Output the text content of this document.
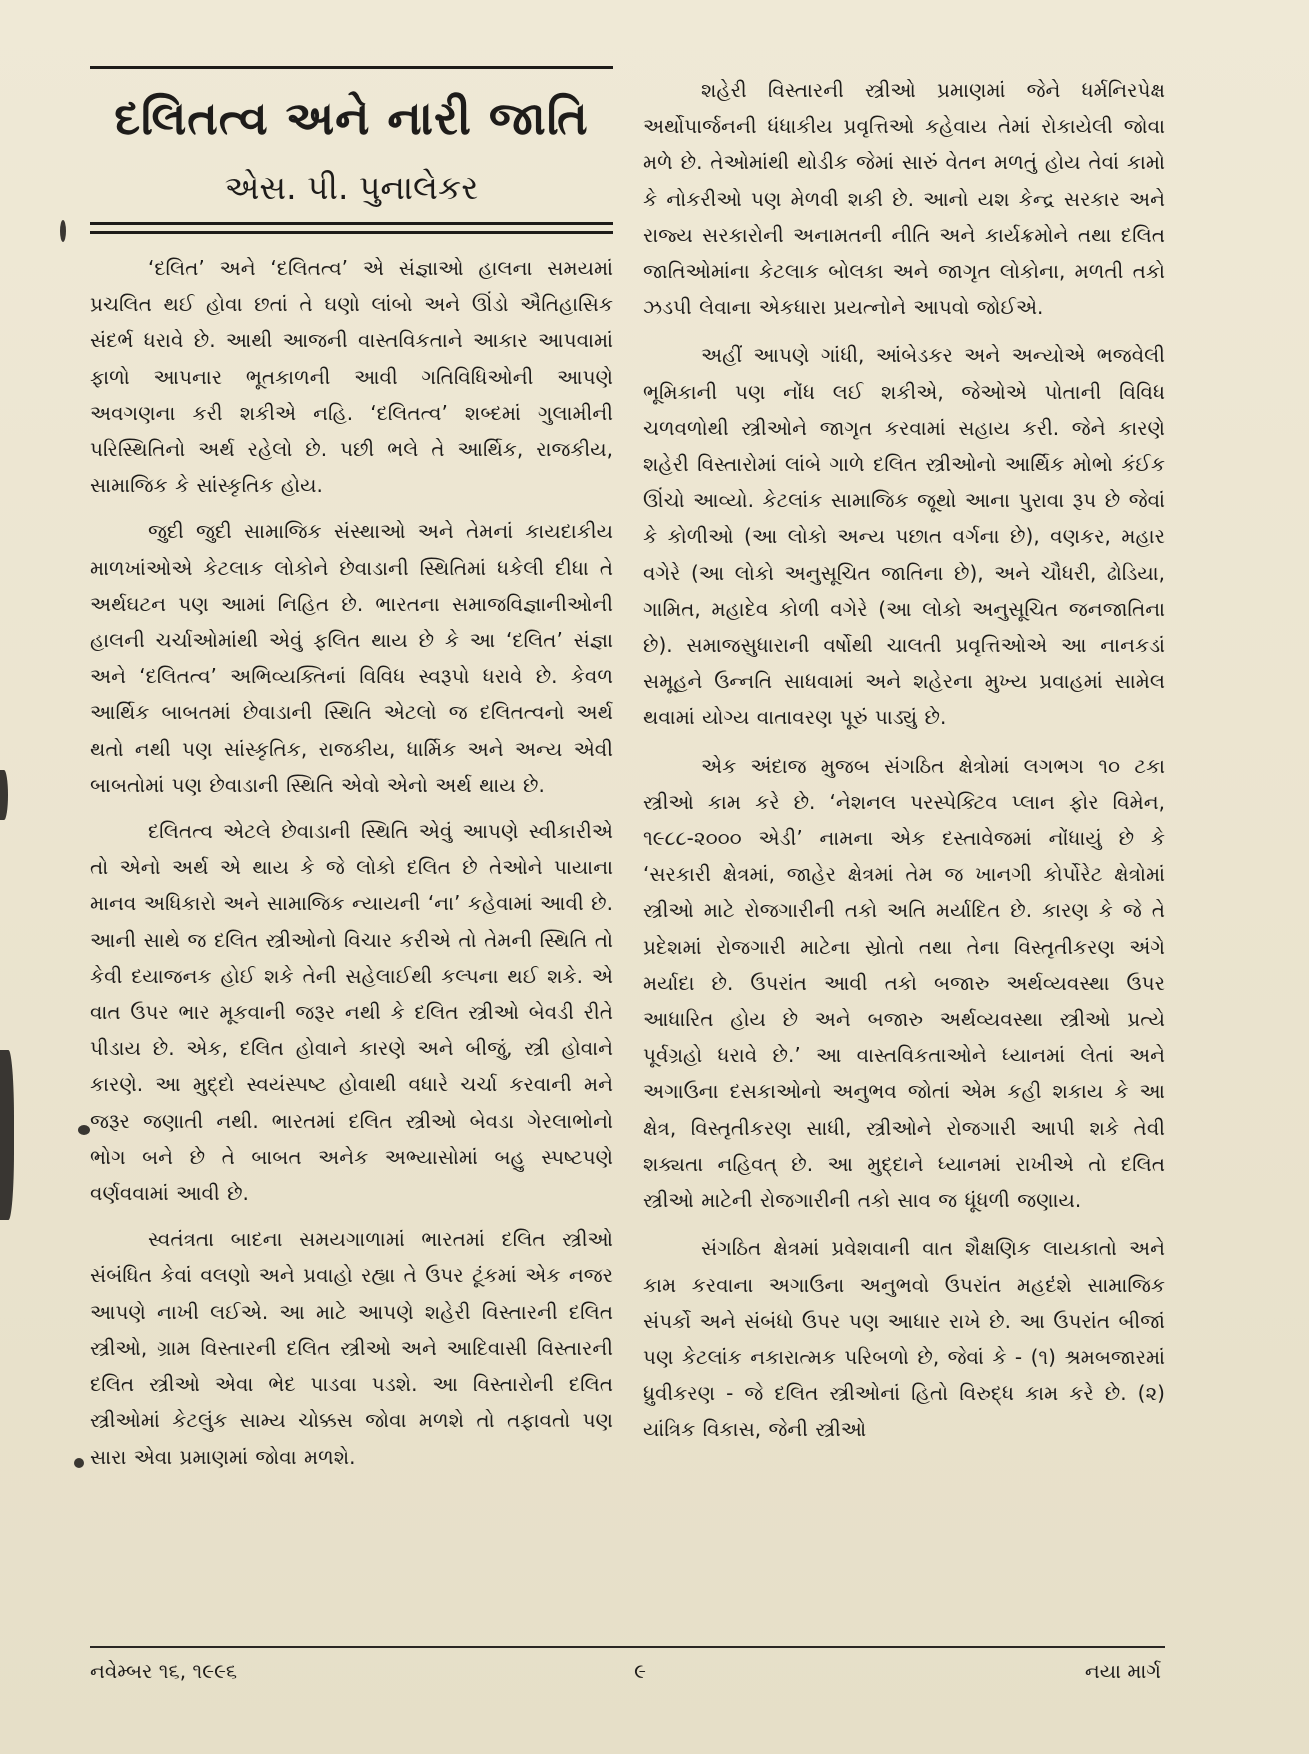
દલિતત્વ અને નારી જાતિ
એસ. પી. પુનાલેકર

‘દલિત’ અને ‘દલિતત્વ’ એ સંજ્ઞાઓ હાલના સમયમાં પ્રચલિત થઈ હોવા છતાં તે ઘણો લાંબો અને ઊંડો ઐતિહાસિક સંદર્ભ ધરાવે છે. આથી આજની વાસ્તવિકતાને આકાર આપવામાં ફાળો આપનાર ભૂતકાળની આવી ગતિવિધિઓની આપણે અવગણના કરી શકીએ નહિ. ‘દલિતત્વ’ શબ્દમાં ગુલામીની પરિસ્થિતિનો અર્થ રહેલો છે. પછી ભલે તે આર્થિક, રાજકીય, સામાજિક કે સાંસ્કૃતિક હોય.

જુદી જુદી સામાજિક સંસ્થાઓ અને તેમનાં કાયદાકીય માળખાંઓએ કેટલાક લોકોને છેવાડાની સ્થિતિમાં ધકેલી દીધા તે અર્થઘટન પણ આમાં નિહિત છે. ભારતના સમાજવિજ્ઞાનીઓની હાલની ચર્ચાઓમાંથી એવું ફલિત થાય છે કે આ ‘દલિત’ સંજ્ઞા અને ‘દલિતત્વ’ અભિવ્યક્તિનાં વિવિધ સ્વરૂપો ધરાવે છે. કેવળ આર્થિક બાબતમાં છેવાડાની સ્થિતિ એટલો જ દલિતત્વનો અર્થ થતો નથી પણ સાંસ્કૃતિક, રાજકીય, ધાર્મિક અને અન્ય એવી બાબતોમાં પણ છેવાડાની સ્થિતિ એવો એનો અર્થ થાય છે.

દલિતત્વ એટલે છેવાડાની સ્થિતિ એવું આપણે સ્વીકારીએ તો એનો અર્થ એ થાય કે જે લોકો દલિત છે તેઓને પાયાના માનવ અધિકારો અને સામાજિક ન્યાયની ‘ના’ કહેવામાં આવી છે. આની સાથે જ દલિત સ્ત્રીઓનો વિચાર કરીએ તો તેમની સ્થિતિ તો કેવી દયાજનક હોઈ શકે તેની સહેલાઈથી કલ્પના થઈ શકે. એ વાત ઉપર ભાર મૂકવાની જરૂર નથી કે દલિત સ્ત્રીઓ બેવડી રીતે પીડાય છે. એક, દલિત હોવાને કારણે અને બીજું, સ્ત્રી હોવાને કારણે. આ મુદ્દો સ્વયંસ્પષ્ટ હોવાથી વધારે ચર્ચા કરવાની મને જરૂર જણાતી નથી. ભારતમાં દલિત સ્ત્રીઓ બેવડા ગેરલાભોનો ભોગ બને છે તે બાબત અનેક અભ્યાસોમાં બહુ સ્પષ્ટપણે વર્ણવવામાં આવી છે.

સ્વતંત્રતા બાદના સમયગાળામાં ભારતમાં દલિત સ્ત્રીઓ સંબંધિત કેવાં વલણો અને પ્રવાહો રહ્યા તે ઉપર ટૂંકમાં એક નજર આપણે નાખી લઈએ. આ માટે આપણે શહેરી વિસ્તારની દલિત સ્ત્રીઓ, ગ્રામ વિસ્તારની દલિત સ્ત્રીઓ અને આદિવાસી વિસ્તારની દલિત સ્ત્રીઓ એવા ભેદ પાડવા પડશે. આ વિસ્તારોની દલિત સ્ત્રીઓમાં કેટલુંક સામ્ય ચોક્કસ જોવા મળશે તો તફાવતો પણ સારા એવા પ્રમાણમાં જોવા મળશે.

શહેરી વિસ્તારની સ્ત્રીઓ પ્રમાણમાં જેને ધર્મનિરપેક્ષ અર્થોપાર્જનની ધંધાકીય પ્રવૃત્તિઓ કહેવાય તેમાં રોકાયેલી જોવા મળે છે. તેઓમાંથી થોડીક જેમાં સારું વેતન મળતું હોય તેવાં કામો કે નોકરીઓ પણ મેળવી શકી છે. આનો યશ કેન્દ્ર સરકાર અને રાજ્ય સરકારોની અનામતની નીતિ અને કાર્યક્રમોને તથા દલિત જાતિઓમાંના કેટલાક બોલકા અને જાગૃત લોકોના, મળતી તકો ઝડપી લેવાના એકધારા પ્રયત્નોને આપવો જોઈએ.

અહીં આપણે ગાંધી, આંબેડકર અને અન્યોએ ભજવેલી ભૂમિકાની પણ નોંધ લઈ શકીએ, જેઓએ પોતાની વિવિધ ચળવળોથી સ્ત્રીઓને જાગૃત કરવામાં સહાય કરી. જેને કારણે શહેરી વિસ્તારોમાં લાંબે ગાળે દલિત સ્ત્રીઓનો આર્થિક મોભો કંઈક ઊંચો આવ્યો. કેટલાંક સામાજિક જૂથો આના પુરાવા રૂપ છે જેવાં કે કોળીઓ (આ લોકો અન્ય પછાત વર્ગના છે), વણકર, મહાર વગેરે (આ લોકો અનુસૂચિત જાતિના છે), અને ચૌધરી, ઢોડિયા, ગામિત, મહાદેવ કોળી વગેરે (આ લોકો અનુસૂચિત જનજાતિના છે). સમાજસુધારાની વર્ષોથી ચાલતી પ્રવૃત્તિઓએ આ નાનકડાં સમૂહને ઉન્નતિ સાધવામાં અને શહેરના મુખ્ય પ્રવાહમાં સામેલ થવામાં યોગ્ય વાતાવરણ પૂરું પાડ્યું છે.

એક અંદાજ મુજબ સંગઠિત ક્ષેત્રોમાં લગભગ ૧૦ ટકા સ્ત્રીઓ કામ કરે છે. ‘નેશનલ પરસ્પેક્ટિવ પ્લાન ફોર વિમેન, ૧૯૮૮-૨૦૦૦ એડી’ નામના એક દસ્તાવેજમાં નોંધાયું છે કે ‘સરકારી ક્ષેત્રમાં, જાહેર ક્ષેત્રમાં તેમ જ ખાનગી કોર્પોરેટ ક્ષેત્રોમાં સ્ત્રીઓ માટે રોજગારીની તકો અતિ મર્યાદિત છે. કારણ કે જે તે પ્રદેશમાં રોજગારી માટેના સ્રોતો તથા તેના વિસ્તૃતીકરણ અંગે મર્યાદા છે. ઉપરાંત આવી તકો બજારુ અર્થવ્યવસ્થા ઉપર આધારિત હોય છે અને બજારુ અર્થવ્યવસ્થા સ્ત્રીઓ પ્રત્યે પૂર્વગ્રહો ધરાવે છે.’ આ વાસ્તવિકતાઓને ધ્યાનમાં લેતાં અને અગાઉના દસકાઓનો અનુભવ જોતાં એમ કહી શકાય કે આ ક્ષેત્ર, વિસ્તૃતીકરણ સાધી, સ્ત્રીઓને રોજગારી આપી શકે તેવી શક્યતા નહિવત્ છે. આ મુદ્દાને ધ્યાનમાં રાખીએ તો દલિત સ્ત્રીઓ માટેની રોજગારીની તકો સાવ જ ધૂંધળી જણાય.

સંગઠિત ક્ષેત્રમાં પ્રવેશવાની વાત શૈક્ષણિક લાયકાતો અને કામ કરવાના અગાઉના અનુભવો ઉપરાંત મહદંશે સામાજિક સંપર્કો અને સંબંધો ઉપર પણ આધાર રાખે છે. આ ઉપરાંત બીજાં પણ કેટલાંક નકારાત્મક પરિબળો છે, જેવાં કે - (૧) શ્રમબજારમાં ધ્રુવીકરણ - જે દલિત સ્ત્રીઓનાં હિતો વિરુદ્ધ કામ કરે છે. (૨) યાંત્રિક વિકાસ, જેની સ્ત્રીઓ

નવેમ્બર ૧૬, ૧૯૯૬	૯	નયા માર્ગ
